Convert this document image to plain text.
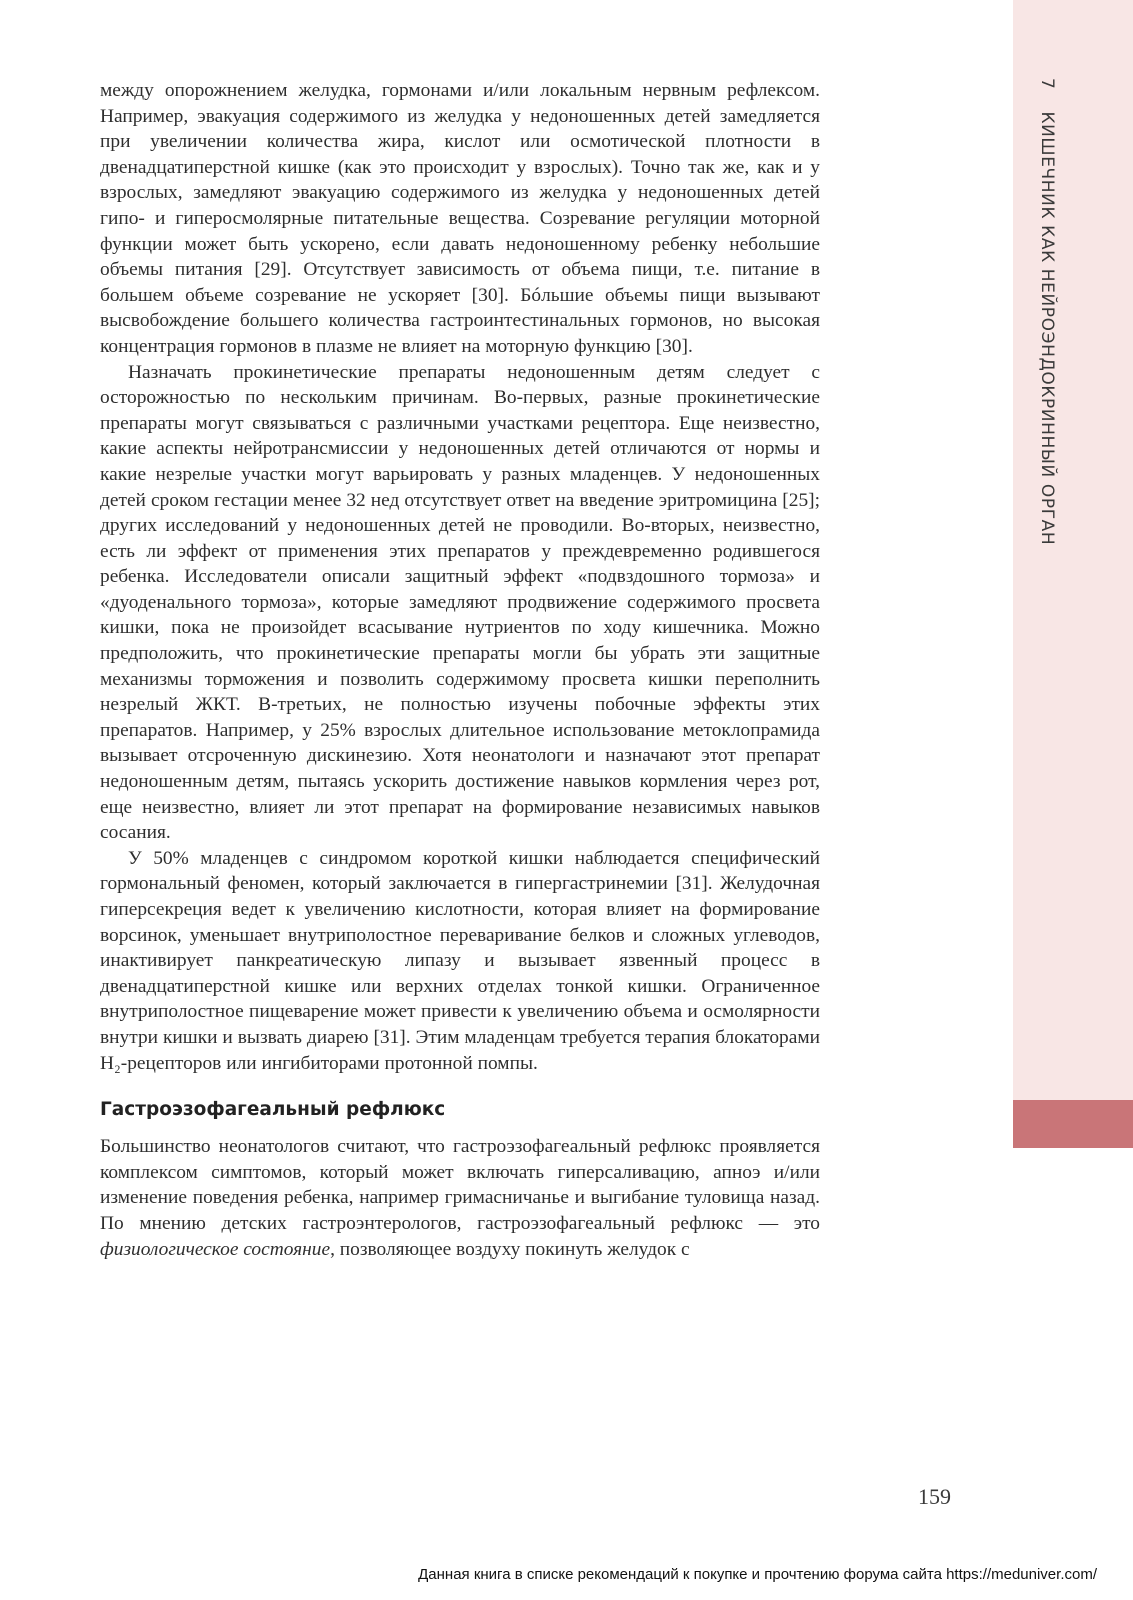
7 КИШЕЧНИК КАК НЕЙРОЭНДОКРИННЫЙ ОРГАН

между опорожнением желудка, гормонами и/или локальным нервным рефлексом. Например, эвакуация содержимого из желудка у недоношенных детей замедляется при увеличении количества жира, кислот или осмотической плотности в двенадцатиперстной кишке (как это происходит у взрослых). Точно так же, как и у взрослых, замедляют эвакуацию содержимого из желудка у недоношенных детей гипо- и гиперосмолярные питательные вещества. Созревание регуляции моторной функции может быть ускорено, если давать недоношенному ребенку небольшие объемы питания [29]. Отсутствует зависимость от объема пищи, т.е. питание в большем объеме созревание не ускоряет [30]. Бóльшие объемы пищи вызывают высвобождение большего количества гастроинтестинальных гормонов, но высокая концентрация гормонов в плазме не влияет на моторную функцию [30].

Назначать прокинетические препараты недоношенным детям следует с осторожностью по нескольким причинам. Во-первых, разные прокинетические препараты могут связываться с различными участками рецептора. Еще неизвестно, какие аспекты нейротрансмиссии у недоношенных детей отличаются от нормы и какие незрелые участки могут варьировать у разных младенцев. У недоношенных детей сроком гестации менее 32 нед отсутствует ответ на введение эритромицина [25]; других исследований у недоношенных детей не проводили. Во-вторых, неизвестно, есть ли эффект от применения этих препаратов у преждевременно родившегося ребенка. Исследователи описали защитный эффект «подвздошного тормоза» и «дуоденального тормоза», которые замедляют продвижение содержимого просвета кишки, пока не произойдет всасывание нутриентов по ходу кишечника. Можно предположить, что прокинетические препараты могли бы убрать эти защитные механизмы торможения и позволить содержимому просвета кишки переполнить незрелый ЖКТ. В-третьих, не полностью изучены побочные эффекты этих препаратов. Например, у 25% взрослых длительное использование метоклопрамида вызывает отсроченную дискинезию. Хотя неонатологи и назначают этот препарат недоношенным детям, пытаясь ускорить достижение навыков кормления через рот, еще неизвестно, влияет ли этот препарат на формирование независимых навыков сосания.

У 50% младенцев с синдромом короткой кишки наблюдается специфический гормональный феномен, который заключается в гипергастринемии [31]. Желудочная гиперсекреция ведет к увеличению кислотности, которая влияет на формирование ворсинок, уменьшает внутриполостное переваривание белков и сложных углеводов, инактивирует панкреатическую липазу и вызывает язвенный процесс в двенадцатиперстной кишке или верхних отделах тонкой кишки. Ограниченное внутриполостное пищеварение может привести к увеличению объема и осмолярности внутри кишки и вызвать диарею [31]. Этим младенцам требуется терапия блокаторами H₂-рецепторов или ингибиторами протонной помпы.

Гастроэзофагеальный рефлюкс

Большинство неонатологов считают, что гастроэзофагеальный рефлюкс проявляется комплексом симптомов, который может включать гиперсаливацию, апноэ и/или изменение поведения ребенка, например гримасничанье и выгибание туловища назад. По мнению детских гастроэнтерологов, гастроэзофагеальный рефлюкс — это физиологическое состояние, позволяющее воздуху покинуть желудок с

159
Данная книга в списке рекомендаций к покупке и прочтению форума сайта https://meduniver.com/
